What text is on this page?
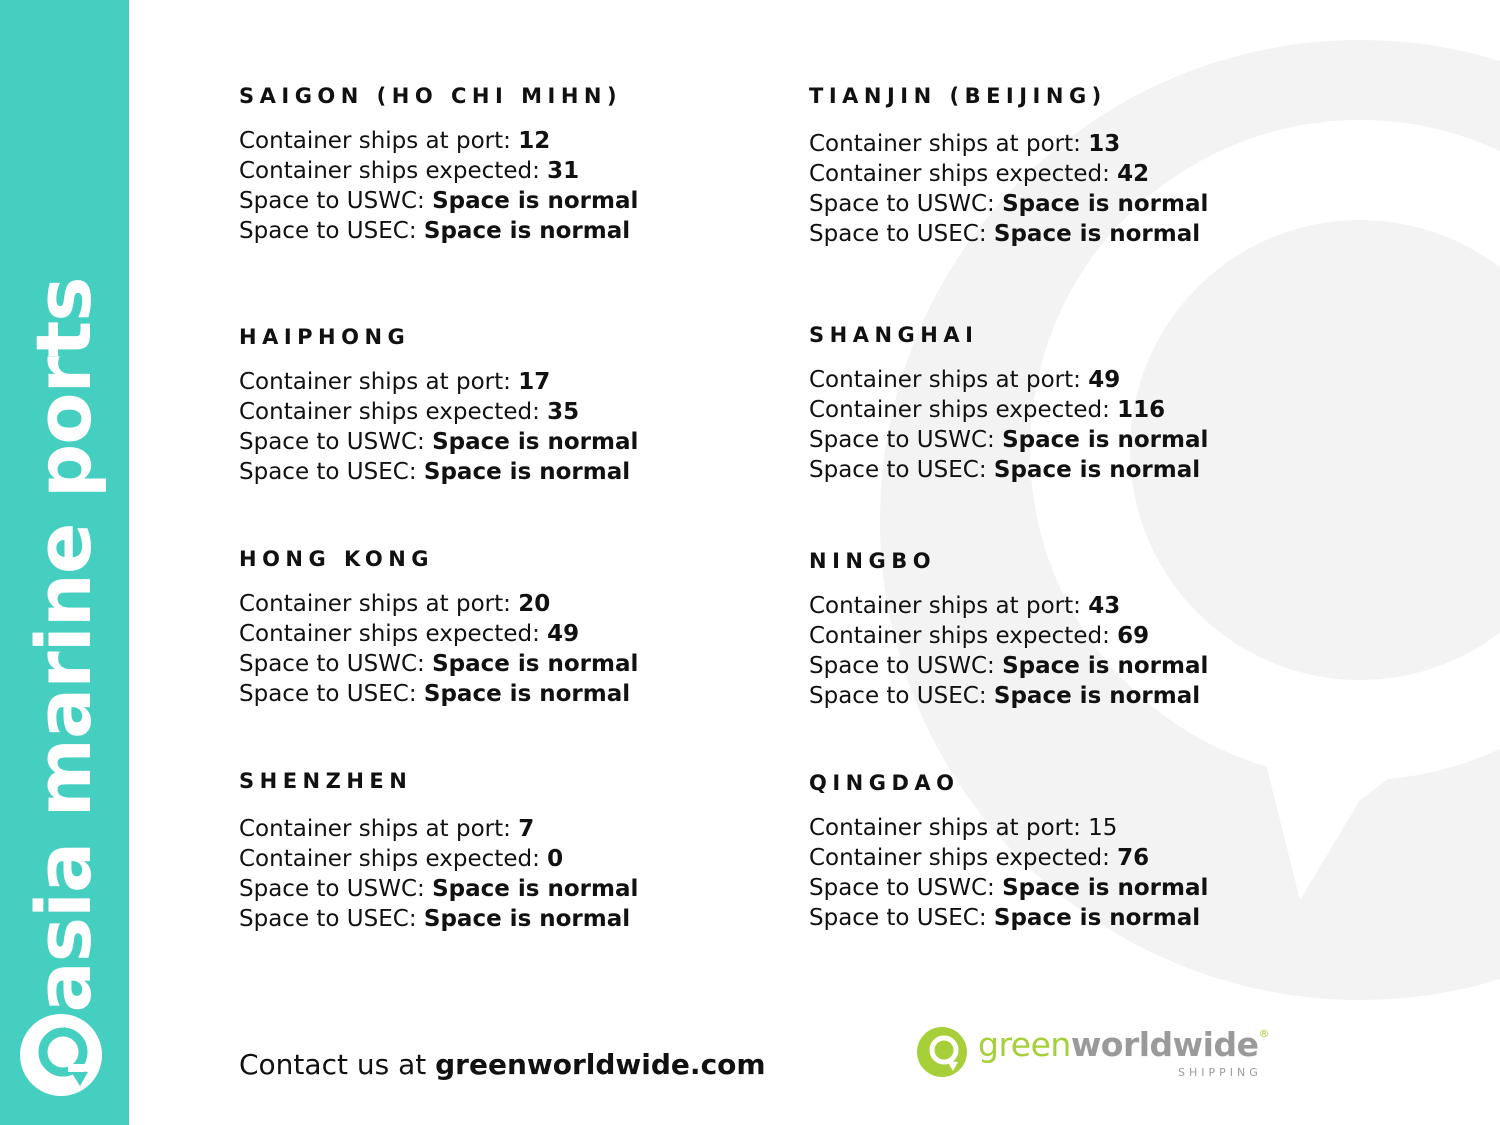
asia marine ports
SAIGON (HO CHI MIHN)
Container ships at port: 12
Container ships expected: 31
Space to USWC: Space is normal
Space to USEC: Space is normal
TIANJIN (BEIJING)
Container ships at port: 13
Container ships expected: 42
Space to USWC: Space is normal
Space to USEC: Space is normal
HAIPHONG
Container ships at port: 17
Container ships expected: 35
Space to USWC: Space is normal
Space to USEC: Space is normal
SHANGHAI
Container ships at port: 49
Container ships expected: 116
Space to USWC: Space is normal
Space to USEC: Space is normal
HONG KONG
Container ships at port: 20
Container ships expected: 49
Space to USWC: Space is normal
Space to USEC: Space is normal
NINGBO
Container ships at port: 43
Container ships expected: 69
Space to USWC: Space is normal
Space to USEC: Space is normal
SHENZHEN
Container ships at port: 7
Container ships expected: 0
Space to USWC: Space is normal
Space to USEC: Space is normal
QINGDAO
Container ships at port: 15
Container ships expected: 76
Space to USWC: Space is normal
Space to USEC: Space is normal
Contact us at greenworldwide.com
greenworldwide®
SHIPPING
